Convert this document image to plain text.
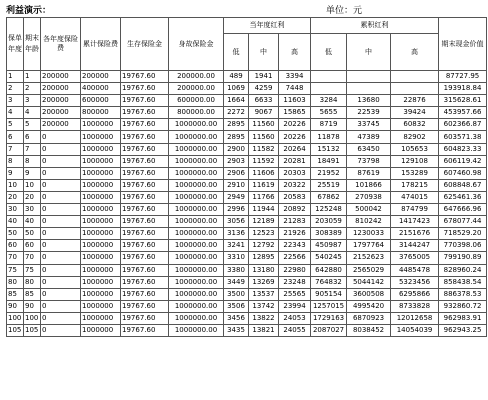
利益演示：	单位：元
保单年度	期末年龄	各年度保险费	累计保险费	生存保险金	身故保险金	当年度红利			累积红利			期末现金价值
						低	中	高	低	中	高	
1	1	200000	200000	19767.60	200000.00	489	1941	3394				87727.95
2	2	200000	400000	19767.60	200000.00	1069	4259	7448				193918.84
3	3	200000	600000	19767.60	600000.00	1664	6633	11603	3284	13680	22876	315628.61
4	4	200000	800000	19767.60	800000.00	2272	9067	15865	5655	22539	39424	453957.66
5	5	200000	1000000	19767.60	1000000.00	2895	11560	20226	8719	33745	60832	602366.87
6	6	0	1000000	19767.60	1000000.00	2895	11560	20226	11878	47389	82902	603571.38
7	7	0	1000000	19767.60	1000000.00	2900	11582	20264	15132	63450	105653	604823.33
8	8	0	1000000	19767.60	1000000.00	2903	11592	20281	18491	73798	129108	606119.42
9	9	0	1000000	19767.60	1000000.00	2906	11606	20303	21952	87619	153289	607460.98
10	10	0	1000000	19767.60	1000000.00	2910	11619	20322	25519	101866	178215	608848.67
20	20	0	1000000	19767.60	1000000.00	2949	11766	20583	67862	270938	474015	625461.36
30	30	0	1000000	19767.60	1000000.00	2996	11944	20892	125248	500042	874799	647666.96
40	40	0	1000000	19767.60	1000000.00	3056	12189	21283	203059	810242	1417423	678077.44
50	50	0	1000000	19767.60	1000000.00	3136	12523	21926	308389	1230033	2151676	718529.20
60	60	0	1000000	19767.60	1000000.00	3241	12792	22343	450987	1797764	3144247	770398.06
70	70	0	1000000	19767.60	1000000.00	3310	12895	22566	540245	2152623	3765005	799190.89
75	75	0	1000000	19767.60	1000000.00	3380	13180	22980	642880	2565029	4485478	828960.24
80	80	0	1000000	19767.60	1000000.00	3449	13269	23248	764832	5044142	5323456	858438.54
85	85	0	1000000	19767.60	1000000.00	3500	13537	25565	905154	3600508	6295866	886378.53
90	90	0	1000000	19767.60	1000000.00	3506	13742	23994	1257015	4995420	8733828	932860.72
100	100	0	1000000	19767.60	1000000.00	3456	13822	24053	1729163	6870923	12012658	962983.91
105	105	0	1000000	19767.60	1000000.00	3435	13821	24055	2087027	8038452	14054039	962943.25
